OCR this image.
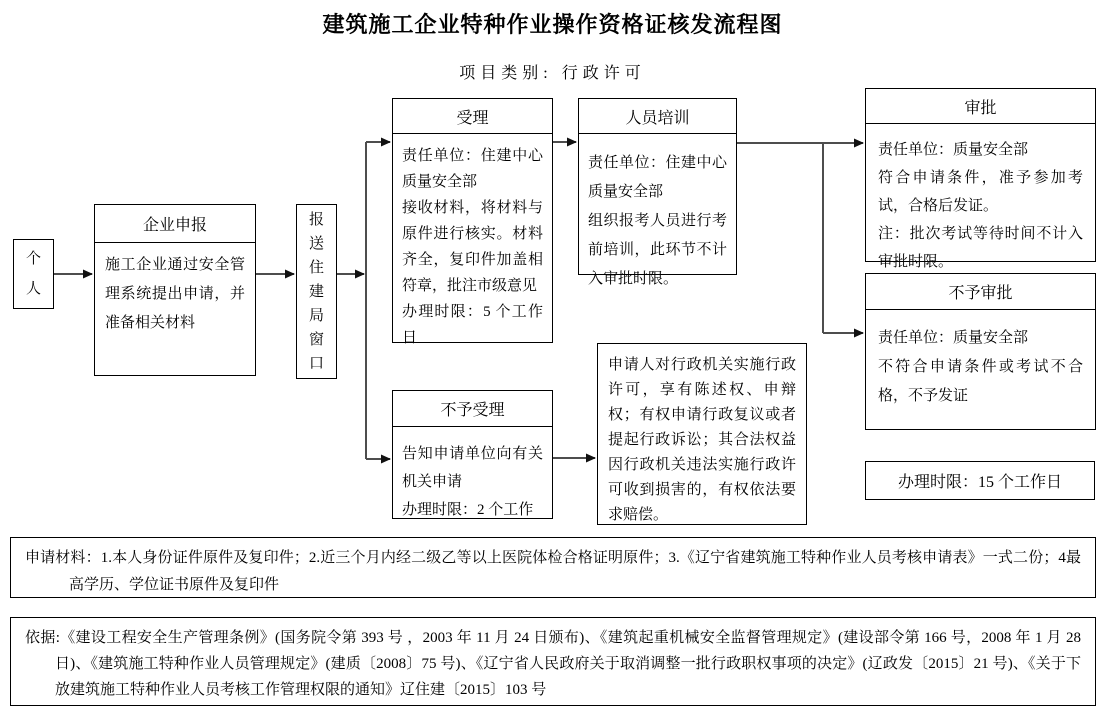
建筑施工企业特种作业操作资格证核发流程图
项目类别: 行政许可
个人
企业申报
施工企业通过安全管理系统提出申请，并准备相关材料
报送住建局窗口
受理
责任单位：住建中心质量安全部
接收材料，将材料与原件进行核实。材料齐全，复印件加盖相符章，批注市级意见
办理时限：5 个工作日
人员培训
责任单位：住建中心质量安全部
组织报考人员进行考前培训，此环节不计入审批时限。
不予受理
告知申请单位向有关机关申请
办理时限：2 个工作
申请人对行政机关实施行政许可，享有陈述权、申辩权；有权申请行政复议或者提起行政诉讼；其合法权益因行政机关违法实施行政许可收到损害的，有权依法要求赔偿。
审批
责任单位：质量安全部
符合申请条件，准予参加考试，合格后发证。
注：批次考试等待时间不计入审批时限。
不予审批
责任单位：质量安全部
不符合申请条件或考试不合格，不予发证
办理时限：15 个工作日
申请材料：1.本人身份证件原件及复印件；2.近三个月内经二级乙等以上医院体检合格证明原件；3.《辽宁省建筑施工特种作业人员考核申请表》一式二份；4最高学历、学位证书原件及复印件
依据:《建设工程安全生产管理条例》(国务院令第 393 号 ，2003 年 11 月 24 日颁布)、《建筑起重机械安全监督管理规定》(建设部令第 166 号，2008 年 1 月 28 日)、《建筑施工特种作业人员管理规定》(建质〔2008〕75 号)、《辽宁省人民政府关于取消调整一批行政职权事项的决定》(辽政发〔2015〕21 号)、《关于下放建筑施工特种作业人员考核工作管理权限的通知》辽住建〔2015〕103 号
